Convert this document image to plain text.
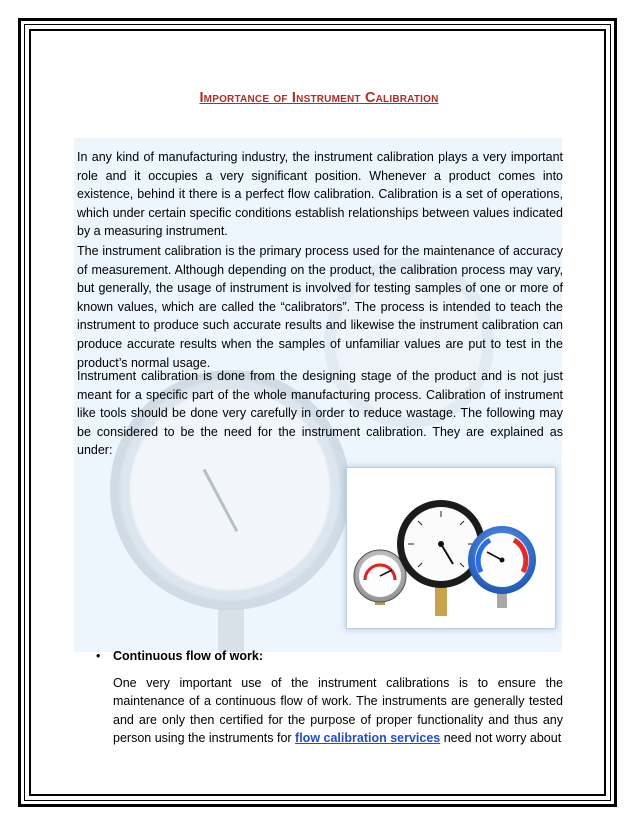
Importance of Instrument Calibration

In any kind of manufacturing industry, the instrument calibration plays a very important role and it occupies a very significant position. Whenever a product comes into existence, behind it there is a perfect flow calibration. Calibration is a set of operations, which under certain specific conditions establish relationships between values indicated by a measuring instrument.

The instrument calibration is the primary process used for the maintenance of accuracy of measurement. Although depending on the product, the calibration process may vary, but generally, the usage of instrument is involved for testing samples of one or more of known values, which are called the “calibrators”. The process is intended to teach the instrument to produce such accurate results and likewise the instrument calibration can produce accurate results when the samples of unfamiliar values are put to test in the product’s normal usage.

Instrument calibration is done from the designing stage of the product and is not just meant for a specific part of the whole manufacturing process. Calibration of instrument like tools should be done very carefully in order to reduce wastage. The following may be considered to be the need for the instrument calibration. They are explained as under:

• Continuous flow of work:

One very important use of the instrument calibrations is to ensure the maintenance of a continuous flow of work. The instruments are generally tested and are only then certified for the purpose of proper functionality and thus any person using the instruments for flow calibration services need not worry about
